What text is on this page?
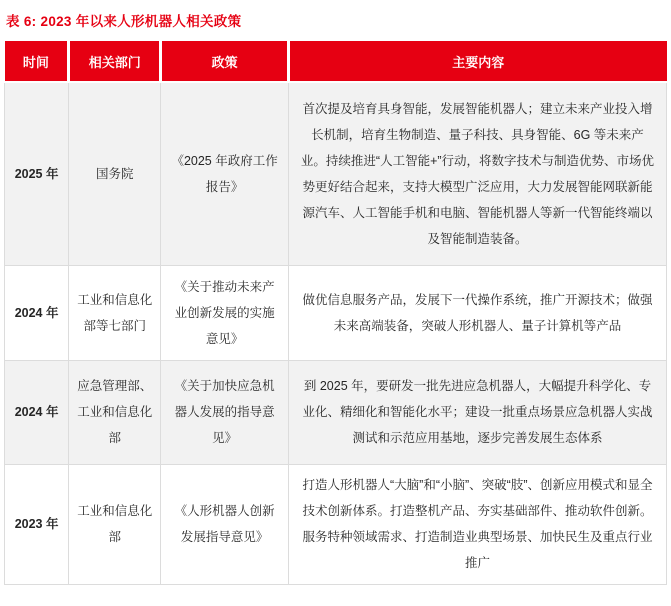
表 6: 2023 年以来人形机器人相关政策
时间	相关部门	政策	主要内容
2025 年	国务院	《2025 年政府工作报告》	首次提及培育具身智能，发展智能机器人；建立未来产业投入增长机制，培育生物制造、量子科技、具身智能、6G 等未来产业。持续推进“人工智能+”行动，将数字技术与制造优势、市场优势更好结合起来，支持大模型广泛应用，大力发展智能网联新能源汽车、人工智能手机和电脑、智能机器人等新一代智能终端以及智能制造装备。
2024 年	工业和信息化部等七部门	《关于推动未来产业创新发展的实施意见》	做优信息服务产品，发展下一代操作系统，推广开源技术；做强未来高端装备，突破人形机器人、量子计算机等产品
2024 年	应急管理部、工业和信息化部	《关于加快应急机器人发展的指导意见》	到 2025 年，要研发一批先进应急机器人，大幅提升科学化、专业化、精细化和智能化水平；建设一批重点场景应急机器人实战测试和示范应用基地，逐步完善发展生态体系
2023 年	工业和信息化部	《人形机器人创新发展指导意见》	打造人形机器人“大脑”和“小脑”、突破“肢”、创新应用模式和显全技术创新体系。打造整机产品、夯实基础部件、推动软件创新。服务特种领域需求、打造制造业典型场景、加快民生及重点行业推广
